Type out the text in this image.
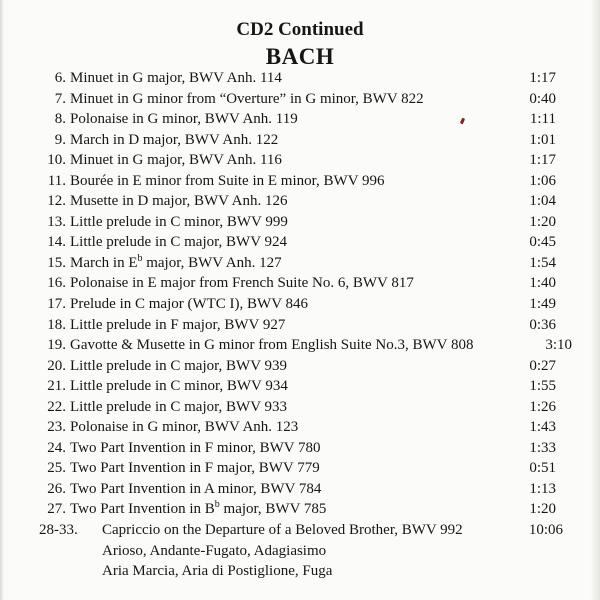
CD2 Continued
BACH
6. Minuet in G major, BWV Anh. 114	1:17
7. Minuet in G minor from “Overture” in G minor, BWV 822	0:40
8. Polonaise in G minor, BWV Anh. 119	1:11
9. March in D major, BWV Anh. 122	1:01
10. Minuet in G major, BWV Anh. 116	1:17
11. Bourée in E minor from Suite in E minor, BWV 996	1:06
12. Musette in D major, BWV Anh. 126	1:04
13. Little prelude in C minor, BWV 999	1:20
14. Little prelude in C major, BWV 924	0:45
15. March in $E^b$ major, BWV Anh. 127	1:54
16. Polonaise in E major from French Suite No. 6, BWV 817	1:40
17. Prelude in C major (WTC I), BWV 846	1:49
18. Little prelude in F major, BWV 927	0:36
19. Gavotte & Musette in G minor from English Suite No.3, BWV 808	3:10
20. Little prelude in C major, BWV 939	0:27
21. Little prelude in C minor, BWV 934	1:55
22. Little prelude in C major, BWV 933	1:26
23. Polonaise in G minor, BWV Anh. 123	1:43
24. Two Part Invention in F minor, BWV 780	1:33
25. Two Part Invention in F major, BWV 779	0:51
26. Two Part Invention in A minor, BWV 784	1:13
27. Two Part Invention in $B^b$ major, BWV 785	1:20
28-33. Capriccio on the Departure of a Beloved Brother, BWV 992	10:06
Arioso, Andante-Fugato, Adagiasimo
Aria Marcia, Aria di Postiglione, Fuga
